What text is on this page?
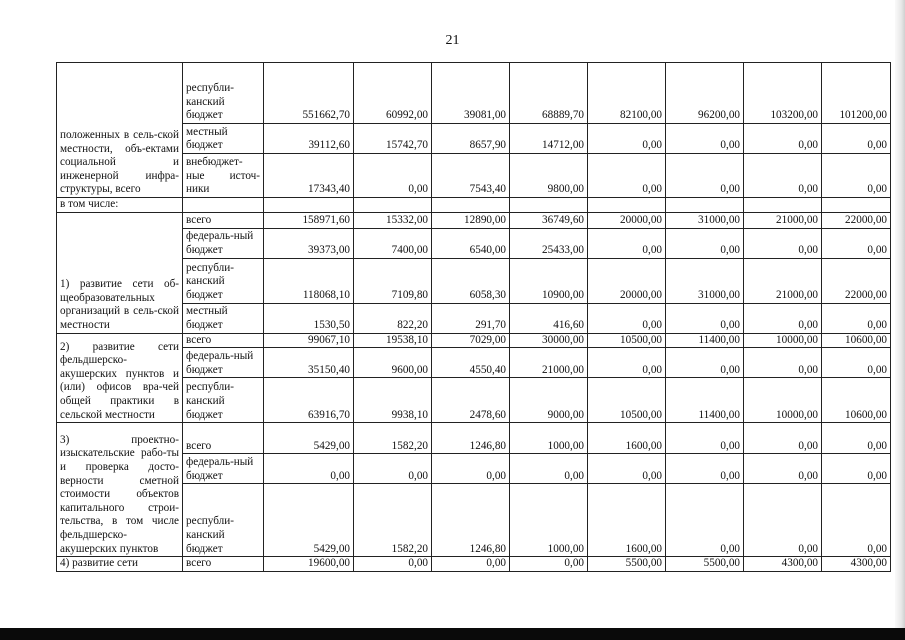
21
положенных в сель-ской местности, объ-ектами социальной и инженерной инфра-структуры, всего	республи-канский бюджет	551662,70	60992,00	39081,00	68889,70	82100,00	96200,00	103200,00	101200,00
	местный бюджет	39112,60	15742,70	8657,90	14712,00	0,00	0,00	0,00	0,00
	внебюджет-ные источ-ники	17343,40	0,00	7543,40	9800,00	0,00	0,00	0,00	0,00
в том числе:									
1) развитие сети об-щеобразовательных организаций в сель-ской местности	всего	158971,60	15332,00	12890,00	36749,60	20000,00	31000,00	21000,00	22000,00
	федераль-ный бюджет	39373,00	7400,00	6540,00	25433,00	0,00	0,00	0,00	0,00
	республи-канский бюджет	118068,10	7109,80	6058,30	10900,00	20000,00	31000,00	21000,00	22000,00
	местный бюджет	1530,50	822,20	291,70	416,60	0,00	0,00	0,00	0,00
2) развитие сети фельдшерско-акушерских пунктов и (или) офисов вра-чей общей практики в сельской местности	всего	99067,10	19538,10	7029,00	30000,00	10500,00	11400,00	10000,00	10600,00
	федераль-ный бюджет	35150,40	9600,00	4550,40	21000,00	0,00	0,00	0,00	0,00
	республи-канский бюджет	63916,70	9938,10	2478,60	9000,00	10500,00	11400,00	10000,00	10600,00
3) проектно-изыскательские рабо-ты и проверка досто-верности сметной стоимости объектов капитального строи-тельства, в том числе фельдшерско-акушерских пунктов	всего	5429,00	1582,20	1246,80	1000,00	1600,00	0,00	0,00	0,00
	федераль-ный бюджет	0,00	0,00	0,00	0,00	0,00	0,00	0,00	0,00
	республи-канский бюджет	5429,00	1582,20	1246,80	1000,00	1600,00	0,00	0,00	0,00
4) развитие сети	всего	19600,00	0,00	0,00	0,00	5500,00	5500,00	4300,00	4300,00
